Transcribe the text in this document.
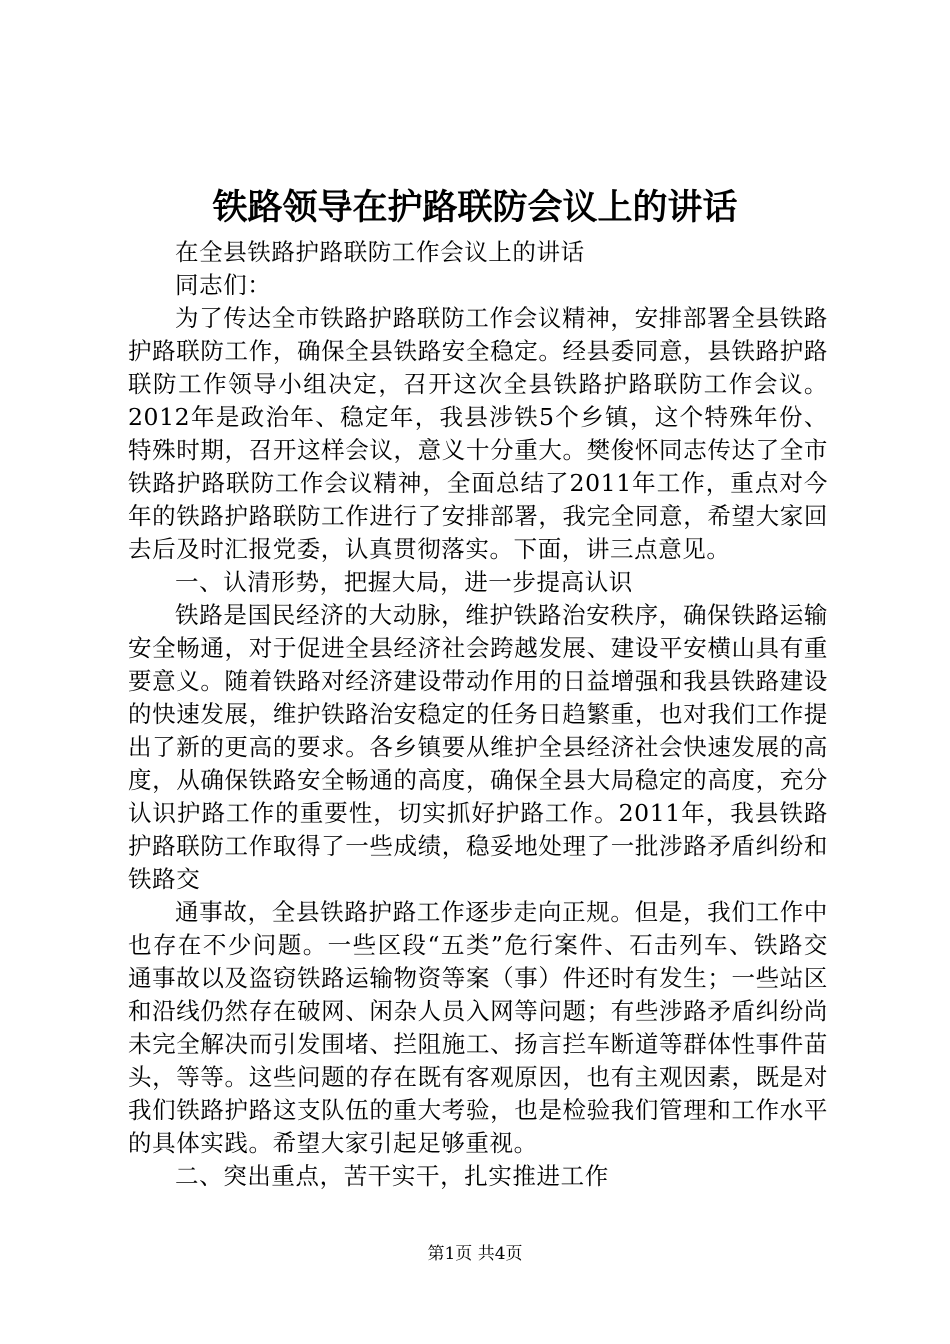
铁路领导在护路联防会议上的讲话

在全县铁路护路联防工作会议上的讲话

同志们：

为了传达全市铁路护路联防工作会议精神，安排部署全县铁路护路联防工作，确保全县铁路安全稳定。经县委同意，县铁路护路联防工作领导小组决定，召开这次全县铁路护路联防工作会议。2012年是政治年、稳定年，我县涉铁5个乡镇，这个特殊年份、特殊时期，召开这样会议，意义十分重大。樊俊怀同志传达了全市铁路护路联防工作会议精神，全面总结了2011年工作，重点对今年的铁路护路联防工作进行了安排部署，我完全同意，希望大家回去后及时汇报党委，认真贯彻落实。下面，讲三点意见。

一、认清形势，把握大局，进一步提高认识

铁路是国民经济的大动脉，维护铁路治安秩序，确保铁路运输安全畅通，对于促进全县经济社会跨越发展、建设平安横山具有重要意义。随着铁路对经济建设带动作用的日益增强和我县铁路建设的快速发展，维护铁路治安稳定的任务日趋繁重，也对我们工作提出了新的更高的要求。各乡镇要从维护全县经济社会快速发展的高度，从确保铁路安全畅通的高度，确保全县大局稳定的高度，充分认识护路工作的重要性，切实抓好护路工作。2011年，我县铁路护路联防工作取得了一些成绩，稳妥地处理了一批涉路矛盾纠纷和铁路交

通事故，全县铁路护路工作逐步走向正规。但是，我们工作中也存在不少问题。一些区段“五类”危行案件、石击列车、铁路交通事故以及盗窃铁路运输物资等案（事）件还时有发生；一些站区和沿线仍然存在破网、闲杂人员入网等问题；有些涉路矛盾纠纷尚未完全解决而引发围堵、拦阻施工、扬言拦车断道等群体性事件苗头，等等。这些问题的存在既有客观原因，也有主观因素，既是对我们铁路护路这支队伍的重大考验，也是检验我们管理和工作水平的具体实践。希望大家引起足够重视。

二、突出重点，苦干实干，扎实推进工作

第1页 共4页
